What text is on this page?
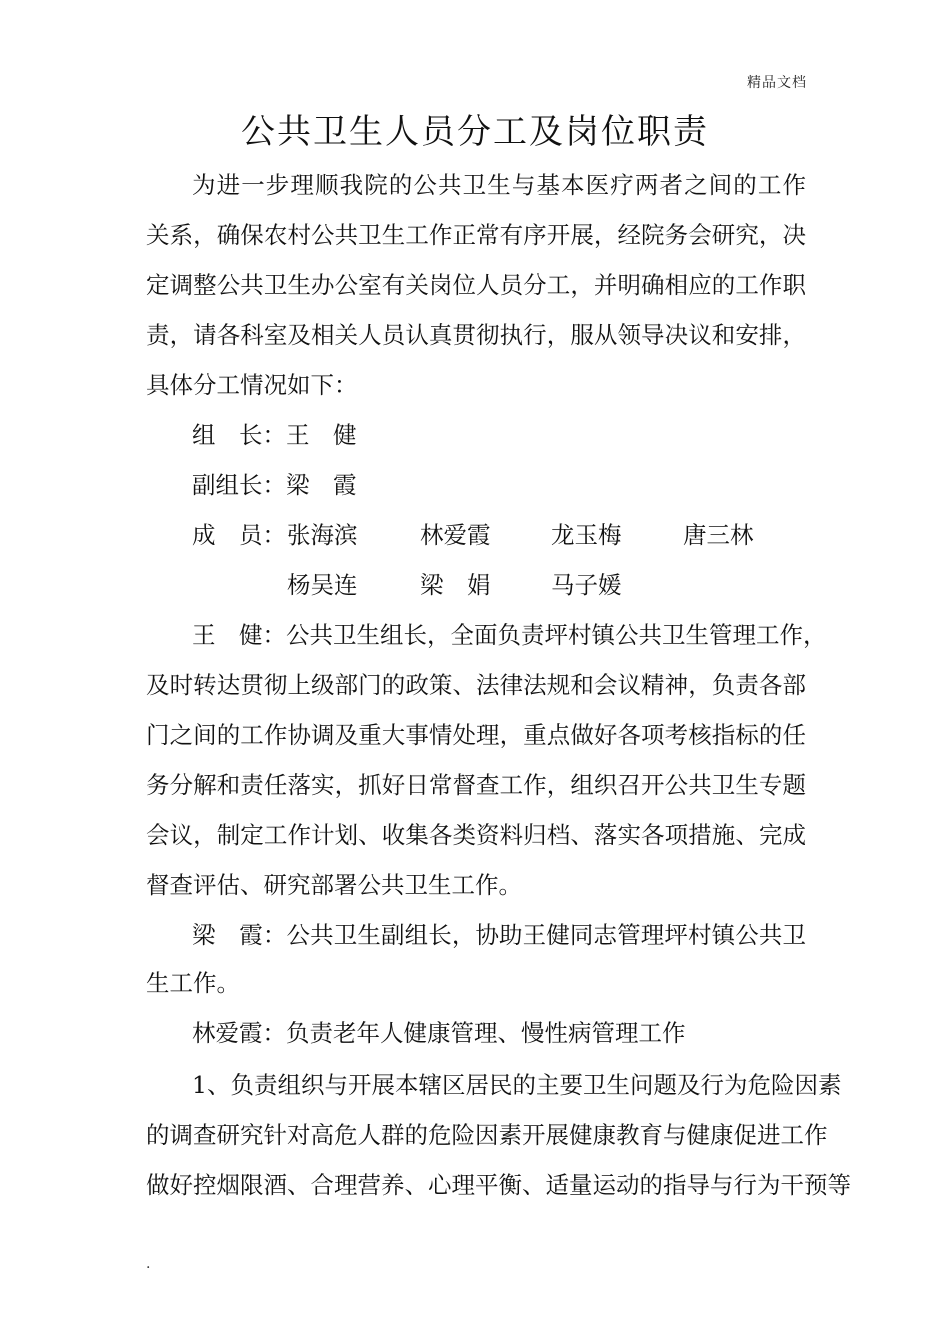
精品文档
公共卫生人员分工及岗位职责
为进一步理顺我院的公共卫生与基本医疗两者之间的工作
关系，确保农村公共卫生工作正常有序开展，经院务会研究，决
定调整公共卫生办公室有关岗位人员分工，并明确相应的工作职
责，请各科室及相关人员认真贯彻执行，服从领导决议和安排，
具体分工情况如下：
组　长：王　健
副组长：梁　霞
成　员： 张海滨	林爱霞	龙玉梅	唐三林
杨吴连	梁　娟	马子媛
王　健：公共卫生组长，全面负责坪村镇公共卫生管理工作，
及时转达贯彻上级部门的政策、法律法规和会议精神，负责各部
门之间的工作协调及重大事情处理，重点做好各项考核指标的任
务分解和责任落实，抓好日常督查工作，组织召开公共卫生专题
会议，制定工作计划、收集各类资料归档、落实各项措施、完成
督查评估、研究部署公共卫生工作。
梁　霞：公共卫生副组长，协助王健同志管理坪村镇公共卫
生工作。
林爱霞：负责老年人健康管理、慢性病管理工作
1、负责组织与开展本辖区居民的主要卫生问题及行为危险因素
的调查研究针对高危人群的危险因素开展健康教育与健康促进工作
做好控烟限酒、合理营养、心理平衡、适量运动的指导与行为干预等
.
